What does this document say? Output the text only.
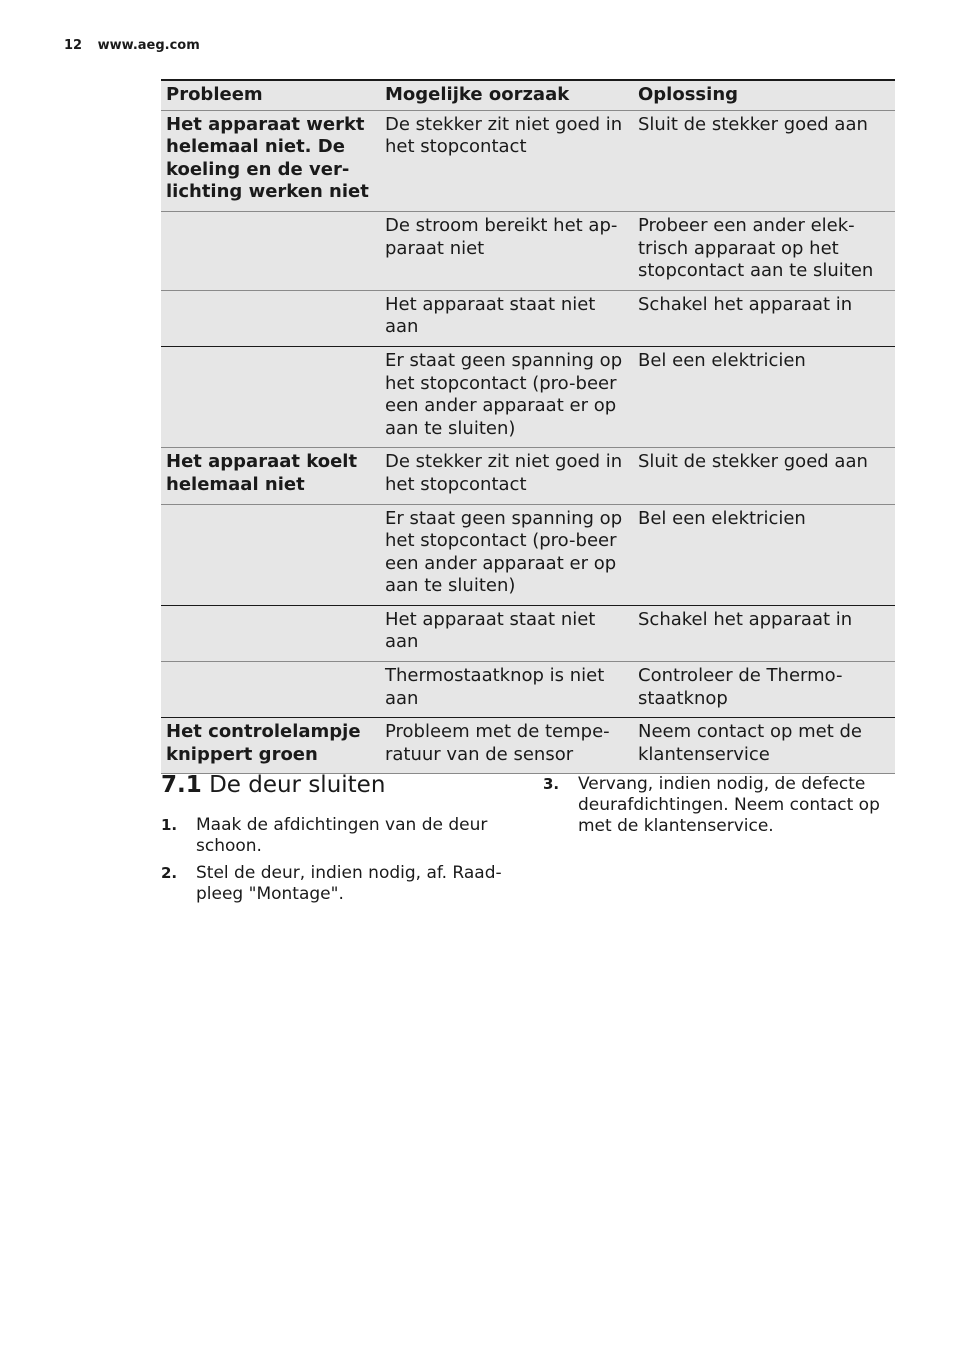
12 www.aeg.com
Probleem	Mogelijke oorzaak	Oplossing
Het apparaat werkt helemaal niet. De koeling en de ver-lichting werken niet	De stekker zit niet goed in het stopcontact	Sluit de stekker goed aan
	De stroom bereikt het ap-paraat niet	Probeer een ander elek-trisch apparaat op het stopcontact aan te sluiten
	Het apparaat staat niet aan	Schakel het apparaat in
	Er staat geen spanning op het stopcontact (pro-beer een ander apparaat er op aan te sluiten)	Bel een elektricien
Het apparaat koelt helemaal niet	De stekker zit niet goed in het stopcontact	Sluit de stekker goed aan
	Er staat geen spanning op het stopcontact (pro-beer een ander apparaat er op aan te sluiten)	Bel een elektricien
	Het apparaat staat niet aan	Schakel het apparaat in
	Thermostaatknop is niet aan	Controleer de Thermo-staatknop
Het controlelampje knippert groen	Probleem met de tempe-ratuur van de sensor	Neem contact op met de klantenservice
7.1 De deur sluiten
1. Maak de afdichtingen van de deur schoon.
2. Stel de deur, indien nodig, af. Raad-pleeg "Montage".
3. Vervang, indien nodig, de defecte deurafdichtingen. Neem contact op met de klantenservice.
